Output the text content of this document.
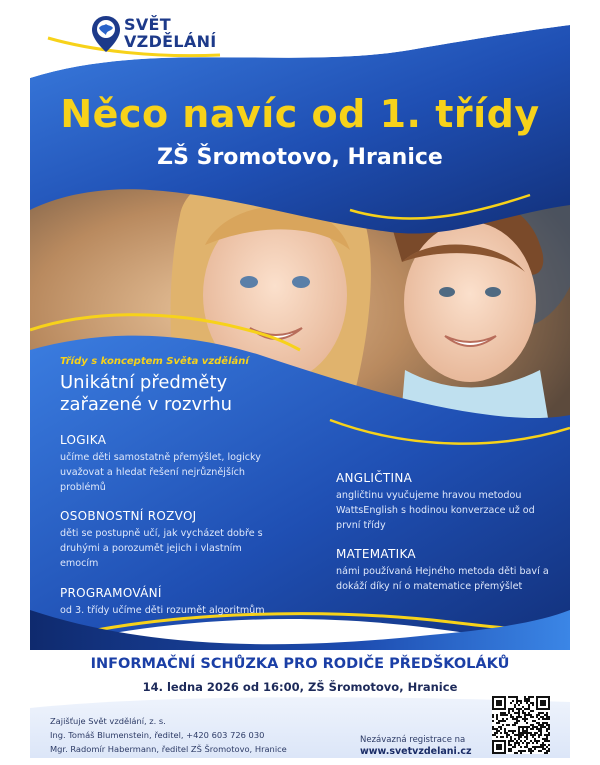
SVĚT
VZDĚLÁNÍ
Něco navíc od 1. třídy
ZŠ Šromotovo, Hranice
Třídy s konceptem Světa vzdělání
Unikátní předměty zařazené v rozvrhu
LOGIKA
učíme děti samostatně přemýšlet, logicky uvažovat a hledat řešení nejrůznějších problémů
OSOBNOSTNÍ ROZVOJ
děti se postupně učí, jak vycházet dobře s druhými a porozumět jejich i vlastním emocím
PROGRAMOVÁNÍ
od 3. třídy učíme děti rozumět algoritmům
ANGLIČTINA
angličtinu vyučujeme hravou metodou WattsEnglish s hodinou konverzace už od první třídy
MATEMATIKA
námi používaná Hejného metoda děti baví a dokáží díky ní o matematice přemýšlet
INFORMAČNÍ SCHŮZKA PRO RODIČE PŘEDŠKOLÁKŮ
14. ledna 2026 od 16:00, ZŠ Šromotovo, Hranice
Zajišťuje Svět vzdělání, z. s.
Ing. Tomáš Blumenstein, ředitel, +420 603 726 030
Mgr. Radomír Habermann, ředitel ZŠ Šromotovo, Hranice
Nezávazná registrace na
www.svetvzdelani.cz
